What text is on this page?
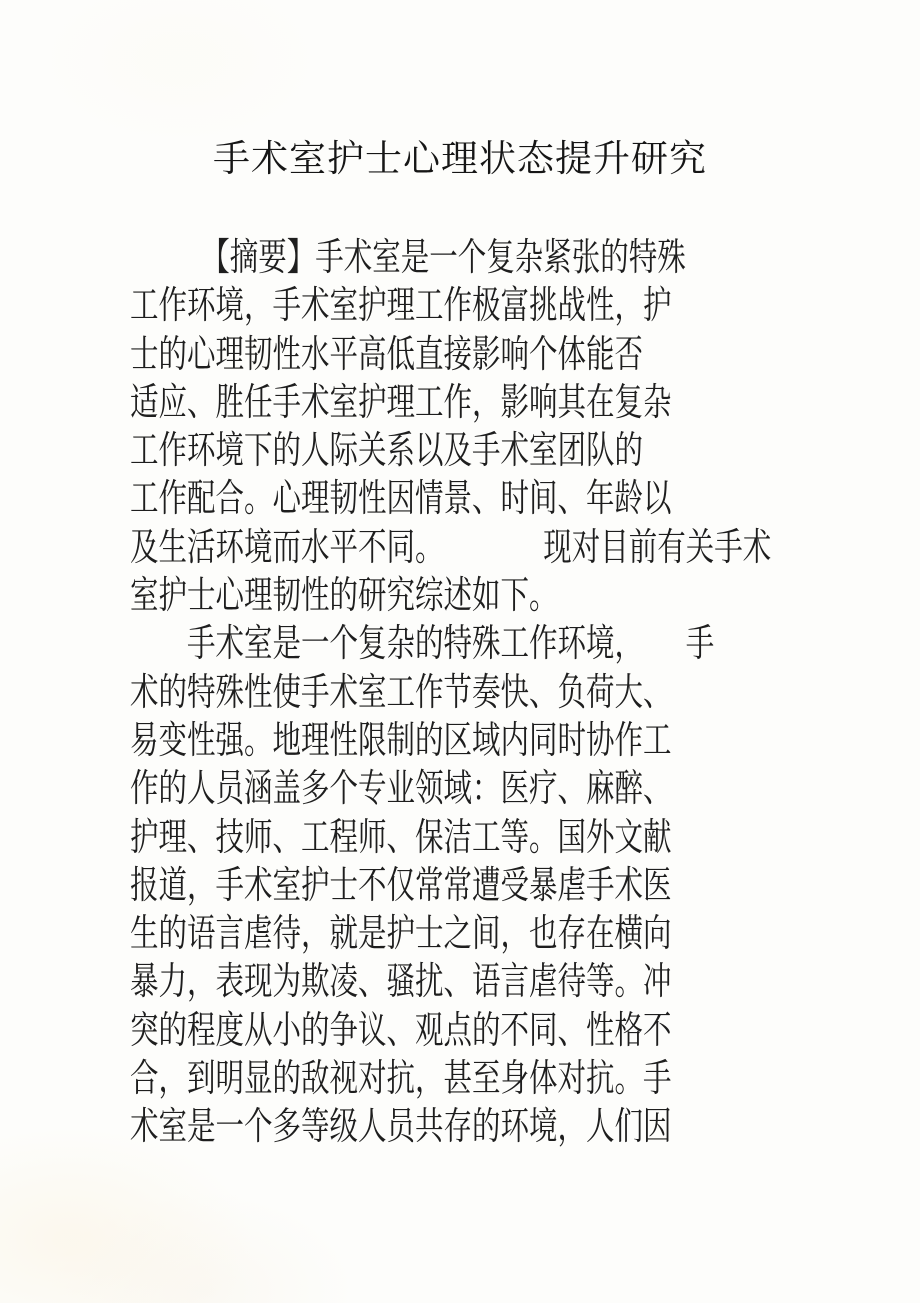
手术室护士心理状态提升研究
　　　【摘要】手术室是一个复杂紧张的特殊
工作环境，手术室护理工作极富挑战性，护
士的心理韧性水平高低直接影响个体能否
适应、胜任手术室护理工作，影响其在复杂
工作环境下的人际关系以及手术室团队的
工作配合。心理韧性因情景、时间、年龄以
及生活环境而水平不同。　　　　现对目前有关手术
室护士心理韧性的研究综述如下。
　　手术室是一个复杂的特殊工作环境，　　手
术的特殊性使手术室工作节奏快、负荷大、
易变性强。地理性限制的区域内同时协作工
作的人员涵盖多个专业领域：医疗、麻醉、
护理、技师、工程师、保洁工等。国外文献
报道，手术室护士不仅常常遭受暴虐手术医
生的语言虐待，就是护士之间，也存在横向
暴力，表现为欺凌、骚扰、语言虐待等。冲
突的程度从小的争议、观点的不同、性格不
合，到明显的敌视对抗，甚至身体对抗。手
术室是一个多等级人员共存的环境，人们因
